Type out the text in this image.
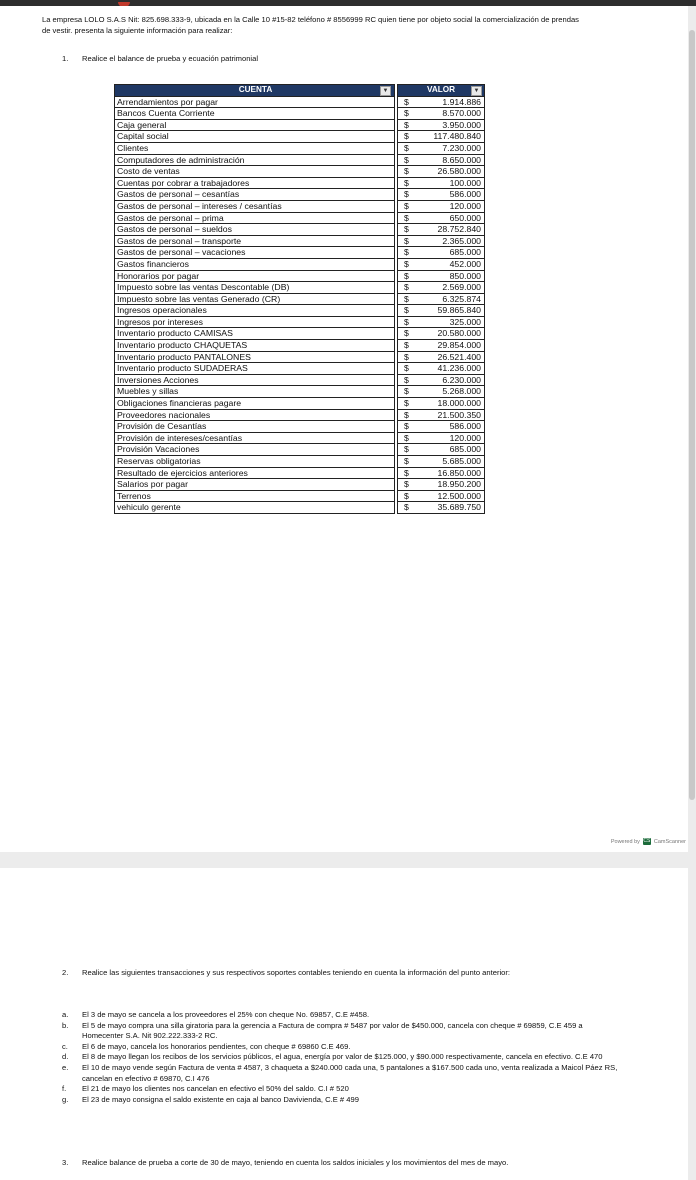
La empresa LOLO S.A.S Nit: 825.698.333-9, ubicada en la Calle 10 #15-82 teléfono # 8556999 RC quien tiene por objeto social la comercialización de prendas de vestir. presenta la siguiente información para realizar:
1. Realice el balance de prueba y ecuación patrimonial
CUENTA ▼		VALOR ▼

Arrendamientos por pagar		$ 1.914.886

Bancos Cuenta Corriente		$ 8.570.000

Caja general		$ 3.950.000

Capital social		$ 117.480.840

Clientes		$ 7.230.000

Computadores de administración		$ 8.650.000

Costo de ventas		$ 26.580.000

Cuentas por cobrar a trabajadores		$ 100.000

Gastos de personal – cesantías		$ 586.000

Gastos de personal – intereses / cesantías		$ 120.000

Gastos de personal – prima		$ 650.000

Gastos de personal – sueldos		$ 28.752.840

Gastos de personal – transporte		$ 2.365.000

Gastos de personal – vacaciones		$ 685.000

Gastos financieros		$ 452.000

Honorarios por pagar		$ 850.000

Impuesto sobre las ventas Descontable (DB)		$ 2.569.000

Impuesto sobre las ventas Generado (CR)		$ 6.325.874

Ingresos operacionales		$ 59.865.840

Ingresos por intereses		$ 325.000

Inventario producto CAMISAS		$ 20.580.000

Inventario producto CHAQUETAS		$ 29.854.000

Inventario producto PANTALONES		$ 26.521.400

Inventario producto SUDADERAS		$ 41.236.000

Inversiones Acciones		$ 6.230.000

Muebles y sillas		$ 5.268.000

Obligaciones financieras pagare		$ 18.000.000

Proveedores nacionales		$ 21.500.350

Provisión de Cesantías		$ 586.000

Provisión de intereses/cesantías		$ 120.000

Provisión Vacaciones		$ 685.000

Reservas obligatorias		$ 5.685.000

Resultado de ejercicios anteriores		$ 16.850.000

Salarios por pagar		$ 18.950.200

Terrenos		$ 12.500.000

vehiculo gerente		$ 35.689.750
Powered by CS CamScanner
2. Realice las siguientes transacciones y sus respectivos soportes contables teniendo en cuenta la información del punto anterior:
a.	El 3 de mayo se cancela a los proveedores el 25% con cheque No. 69857, C.E #458.
b.	El 5 de mayo compra una silla giratoria para la gerencia a Factura de compra # 5487 por valor de $450.000, cancela con cheque # 69859, C.E 459 a Homecenter S.A. Nit 902.222.333-2 RC.
c.	El 6 de mayo, cancela los honorarios pendientes, con cheque # 69860 C.E 469.
d.	El 8 de mayo llegan los recibos de los servicios públicos, el agua, energía por valor de $125.000, y $90.000 respectivamente, cancela en efectivo. C.E 470
e.	El 10 de mayo vende según Factura de venta # 4587, 3 chaqueta a $240.000 cada una, 5 pantalones a $167.500 cada uno, venta realizada a Maicol Páez RS, cancelan en efectivo # 69870, C.I 476
f.	El 21 de mayo los clientes nos cancelan en efectivo el 50% del saldo. C.I # 520
g.	El 23 de mayo consigna el saldo existente en caja al banco Davivienda, C.E # 499
3. Realice balance de prueba a corte de 30 de mayo, teniendo en cuenta los saldos iniciales y los movimientos del mes de mayo.
